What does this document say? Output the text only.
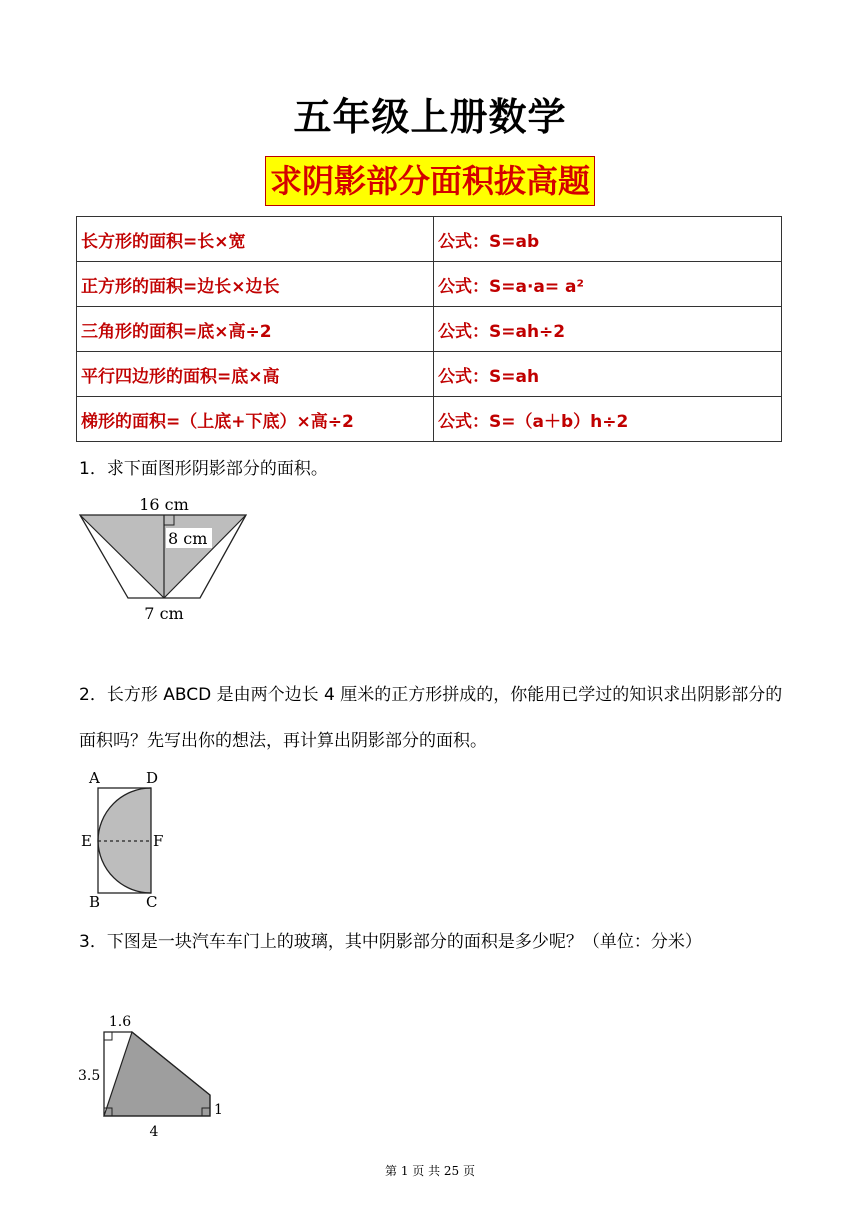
五年级上册数学
求阴影部分面积拔高题
长方形的面积=长×宽	公式：S=ab
正方形的面积=边长×边长	公式：S=a·a= a²
三角形的面积=底×高÷2	公式：S=ah÷2
平行四边形的面积=底×高	公式：S=ah
梯形的面积=（上底+下底）×高÷2	公式：S=（a＋b）h÷2
1．求下面图形阴影部分的面积。
16 cm
8 cm
7 cm
2．长方形 ABCD 是由两个边长 4 厘米的正方形拼成的，你能用已学过的知识求出阴影部分的面积吗？先写出你的想法，再计算出阴影部分的面积。
A	D
E	F
B	C
3．下图是一块汽车车门上的玻璃，其中阴影部分的面积是多少呢？（单位：分米）
1.6
3.5
1
4
第 1 页 共 25 页
